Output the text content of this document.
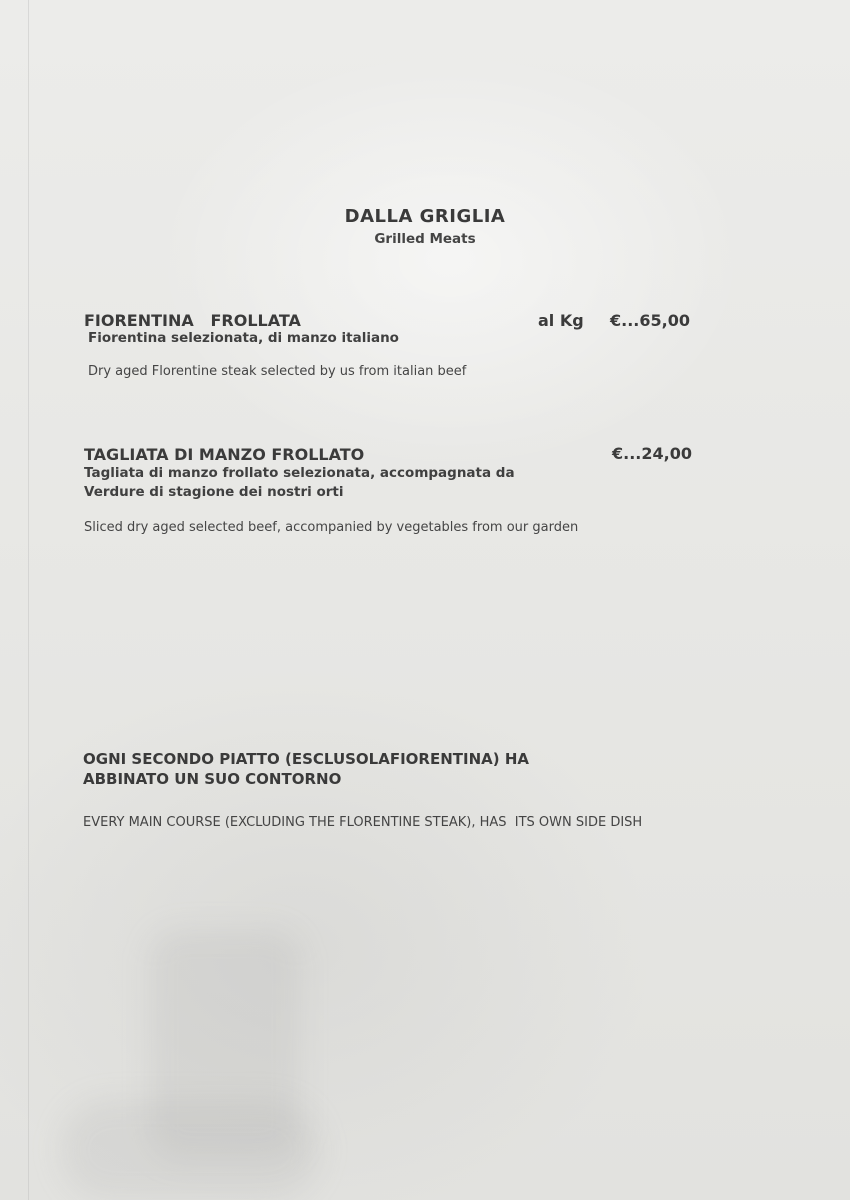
DALLA GRIGLIA
Grilled Meats
FIORENTINA   FROLLATA	al Kg €...65,00
Fiorentina selezionata, di manzo italiano
Dry aged Florentine steak selected by us from italian beef
TAGLIATA DI MANZO FROLLATO	€...24,00
Tagliata di manzo frollato selezionata, accompagnata da
Verdure di stagione dei nostri orti
Sliced dry aged selected beef, accompanied by vegetables from our garden
OGNI SECONDO PIATTO (ESCLUSOLAFIORENTINA) HA
ABBINATO UN SUO CONTORNO
EVERY MAIN COURSE (EXCLUDING THE FLORENTINE STEAK), HAS  ITS OWN SIDE DISH
